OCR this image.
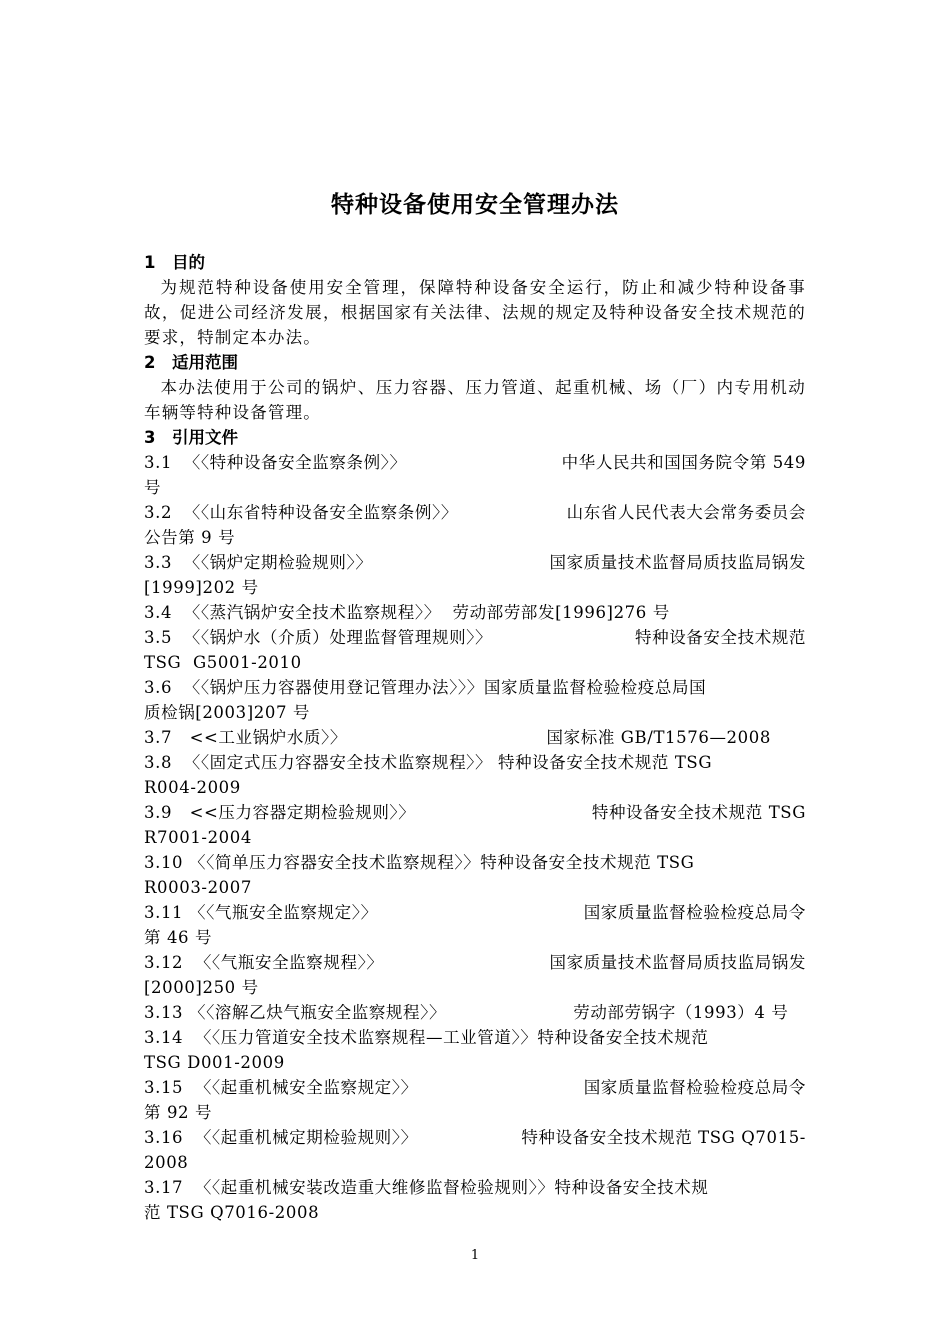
特种设备使用安全管理办法
1 目的
为规范特种设备使用安全管理，保障特种设备安全运行，防止和减少特种设备事故，促进公司经济发展，根据国家有关法律、法规的规定及特种设备安全技术规范的要求，特制定本办法。
2 适用范围
本办法使用于公司的锅炉、压力容器、压力管道、起重机械、场（厂）内专用机动车辆等特种设备管理。
3 引用文件
3.1  〈〈特种设备安全监察条例〉〉	中华人民共和国国务院令第 549
号
3.2  〈〈山东省特种设备安全监察条例〉〉	山东省人民代表大会常务委员会
公告第 9 号
3.3  〈〈锅炉定期检验规则〉〉	国家质量技术监督局质技监局锅发
[1999]202 号
3.4  〈〈蒸汽锅炉安全技术监察规程〉〉  劳动部劳部发[1996]276 号
3.5  〈〈锅炉水（介质）处理监督管理规则〉〉	特种设备安全技术规范
TSG  G5001-2010
3.6  〈〈锅炉压力容器使用登记管理办法〉〉〉国家质量监督检验检疫总局国
质检锅[2003]207 号
3.7   <<工业锅炉水质〉〉	国家标准 GB/T1576—2008
3.8  〈〈固定式压力容器安全技术监察规程〉〉 特种设备安全技术规范 TSG
R004-2009
3.9   <<压力容器定期检验规则〉〉	特种设备安全技术规范 TSG
R7001-2004
3.10 〈〈简单压力容器安全技术监察规程〉〉特种设备安全技术规范 TSG
R0003-2007
3.11 〈〈气瓶安全监察规定〉〉	国家质量监督检验检疫总局令
第 46 号
3.12  〈〈气瓶安全监察规程〉〉	国家质量技术监督局质技监局锅发
[2000]250 号
3.13 〈〈溶解乙炔气瓶安全监察规程〉〉	劳动部劳锅字（1993）4 号
3.14  〈〈压力管道安全技术监察规程—工业管道〉〉特种设备安全技术规范
TSG D001-2009
3.15  〈〈起重机械安全监察规定〉〉	国家质量监督检验检疫总局令
第 92 号
3.16  〈〈起重机械定期检验规则〉〉	特种设备安全技术规范 TSG Q7015-
2008
3.17  〈〈起重机械安装改造重大维修监督检验规则〉〉特种设备安全技术规
范 TSG Q7016-2008
1
